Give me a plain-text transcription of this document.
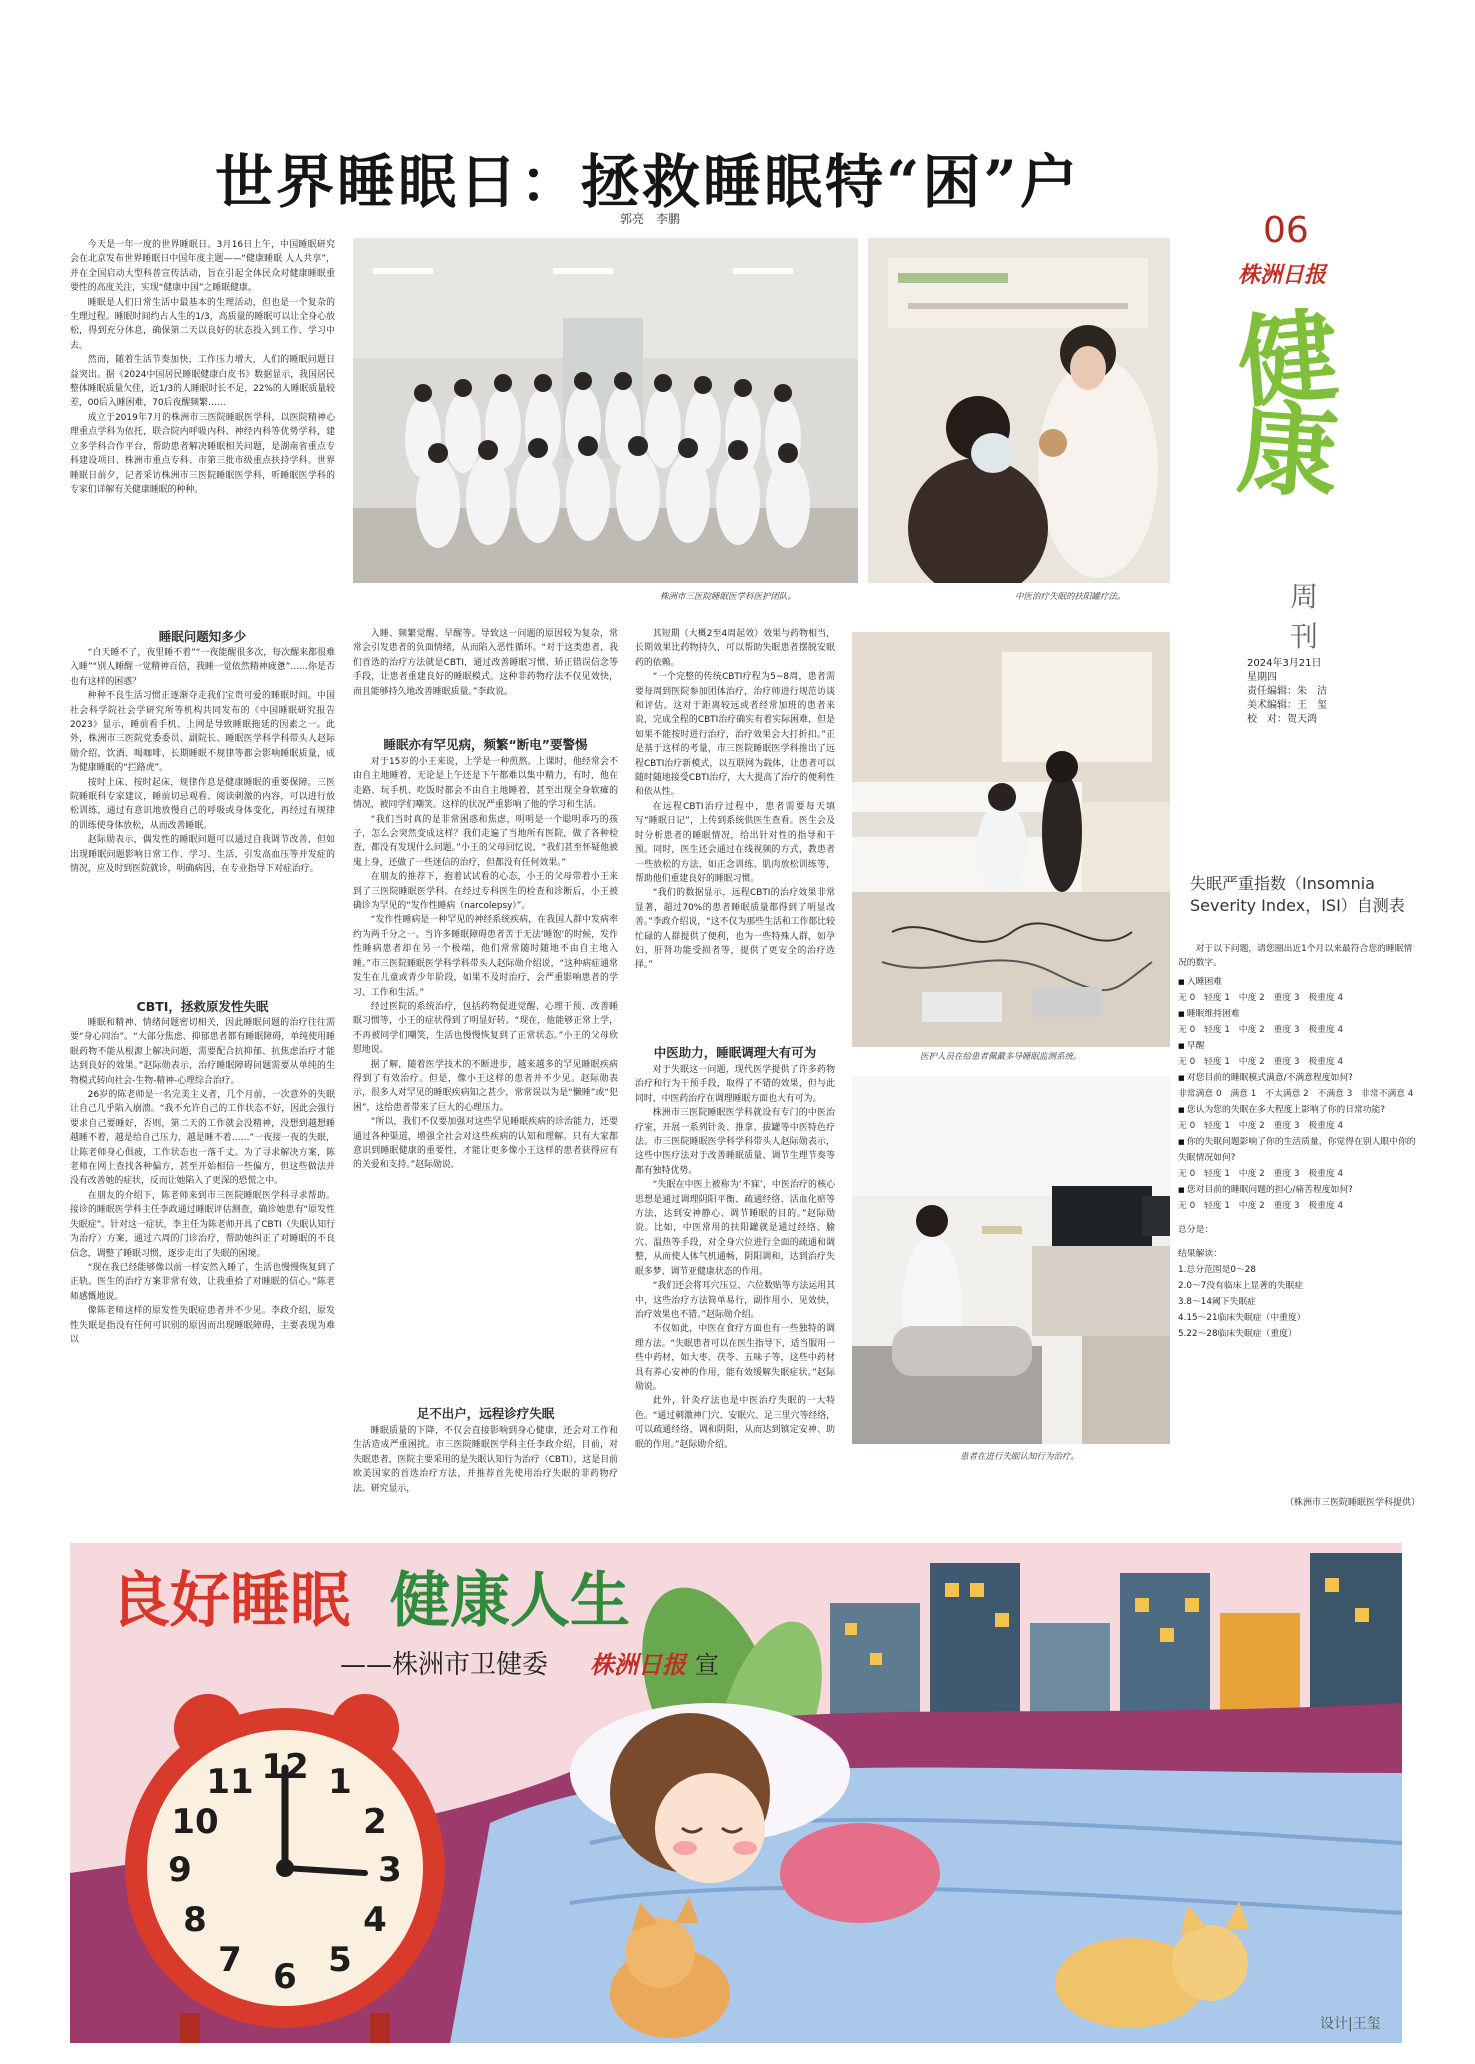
世界睡眠日：拯救睡眠特“困”户
郭亮　李鹏	06
株洲日报
健
康
周
刊
2024年3月21日
星期四
责任编辑：朱　洁
美术编辑：王　玺
校　对：贺天鸿

今天是一年一度的世界睡眠日。3月16日上午，中国睡眠研究会在北京发布世界睡眠日中国年度主题——“健康睡眠 人人共享”，并在全国启动大型科普宣传活动，旨在引起全体民众对健康睡眠重要性的高度关注，实现“健康中国”之睡眠健康。

睡眠是人们日常生活中最基本的生理活动，但也是一个复杂的生理过程。睡眠时间约占人生的1/3，高质量的睡眠可以让全身心放松，得到充分休息，确保第二天以良好的状态投入到工作、学习中去。

然而，随着生活节奏加快，工作压力增大，人们的睡眠问题日益突出。据《2024中国居民睡眠健康白皮书》数据显示，我国居民整体睡眠质量欠佳，近1/3的人睡眠时长不足，22%的人睡眠质量较差，00后入睡困难，70后夜醒频繁……

成立于2019年7月的株洲市三医院睡眠医学科，以医院精神心理重点学科为依托，联合院内呼吸内科、神经内科等优势学科，建立多学科合作平台，帮助患者解决睡眠相关问题，是湖南省重点专科建设项目、株洲市重点专科、市第三批市级重点扶持学科。世界睡眠日前夕，记者采访株洲市三医院睡眠医学科，听睡眠医学科的专家们详解有关健康睡眠的种种。

株洲市三医院睡眠医学科医护团队。	中医治疗失眠的扶阳罐疗法。
睡眠问题知多少

“白天睡不了，夜里睡不着”“一夜能醒很多次，每次醒来都很难入睡”“别人睡醒一觉精神百倍，我睡一觉依然精神疲惫”……你是否也有这样的困惑？

种种不良生活习惯正逐渐夺走我们宝贵可爱的睡眠时间。中国社会科学院社会学研究所等机构共同发布的《中国睡眠研究报告2023》显示，睡前看手机、上网是导致睡眠拖延的因素之一。此外，株洲市三医院党委委员、副院长、睡眠医学科学科带头人赵际勋介绍，饮酒、喝咖啡、长期睡眠不规律等都会影响睡眠质量，成为健康睡眠的“拦路虎”。

按时上床、按时起床，规律作息是健康睡眠的重要保障。三医院睡眠科专家建议，睡前切忌观看、阅读刺激的内容，可以进行放松训练，通过有意识地放慢自己的呼吸或身体变化，再经过有规律的训练使身体放松，从而改善睡眠。

赵际勋表示，偶发性的睡眠问题可以通过自我调节改善，但如出现睡眠问题影响日常工作、学习、生活，引发高血压等并发症的情况，应及时到医院就诊，明确病因，在专业指导下对症治疗。

CBTI，拯救原发性失眠

睡眠和精神、情绪问题密切相关，因此睡眠问题的治疗往往需要“身心同治”。“大部分焦虑、抑郁患者都有睡眠障碍，单纯使用睡眠药物不能从根源上解决问题，需要配合抗抑郁、抗焦虑治疗才能达到良好的效果。”赵际勋表示，治疗睡眠障碍问题需要从单纯的生物模式转向社会-生物-精神-心理综合治疗。

26岁的陈老师是一名完美主义者，几个月前，一次意外的失眠让自己几乎陷入崩溃。“我不允许自己的工作状态不好，因此会强行要求自己要睡好，否则，第二天的工作就会没精神，没想到越想睡越睡不着，越是给自己压力，越是睡不着……”一夜接一夜的失眠，让陈老师身心俱疲，工作状态也一落千丈。为了寻求解决方案，陈老师在网上查找各种偏方，甚至开始相信一些偏方，但这些做法并没有改善她的症状，反而让她陷入了更深的恐慌之中。

在朋友的介绍下，陈老师来到市三医院睡眠医学科寻求帮助。接诊的睡眠医学科主任李政通过睡眠评估测查，确诊她患有“原发性失眠症”。针对这一症状，李主任为陈老师开具了CBTI（失眠认知行为治疗）方案，通过六周的门诊治疗，帮助她纠正了对睡眠的不良信念，调整了睡眠习惯，逐步走出了失眠的困境。

“现在我已经能够像以前一样安然入睡了，生活也慢慢恢复到了正轨。医生的治疗方案非常有效，让我重拾了对睡眠的信心。”陈老师感慨地说。

像陈老师这样的原发性失眠症患者并不少见。李政介绍，原发性失眠是指没有任何可识别的原因而出现睡眠障碍，主要表现为难以

入睡、频繁觉醒、早醒等。导致这一问题的原因较为复杂，常常会引发患者的负面情绪，从而陷入恶性循环。“对于这类患者，我们首选的治疗方法就是CBTI，通过改善睡眠习惯、矫正错误信念等手段，让患者重建良好的睡眠模式。这种非药物疗法不仅见效快，而且能够持久地改善睡眠质量。”李政说。

睡眠亦有罕见病，频繁“断电”要警惕

对于15岁的小王来说，上学是一种煎熬。上课时，他经常会不由自主地睡着，无论是上午还是下午都难以集中精力，有时，他在走路、玩手机、吃饭时都会不由自主地睡着，甚至出现全身软瘫的情况，被同学们嘲笑。这样的状况严重影响了他的学习和生活。

“我们当时真的是非常困惑和焦虑，明明是一个聪明乖巧的孩子，怎么会突然变成这样？我们走遍了当地所有医院，做了各种检查，都没有发现什么问题。”小王的父母回忆说，“我们甚至怀疑他被鬼上身，还做了一些迷信的治疗，但都没有任何效果。”

在朋友的推荐下，抱着试试看的心态，小王的父母带着小王来到了三医院睡眠医学科。在经过专科医生的检查和诊断后，小王被确诊为罕见的“发作性睡病（narcolepsy）”。

“发作性睡病是一种罕见的神经系统疾病，在我国人群中发病率约为两千分之一。当许多睡眠障碍患者苦于无法‘睡饱’的时候，发作性睡病患者却在另一个极端，他们常常随时随地不由自主地入睡。”市三医院睡眠医学科学科带头人赵际勋介绍说，“这种病症通常发生在儿童或青少年阶段，如果不及时治疗，会严重影响患者的学习、工作和生活。”

经过医院的系统治疗，包括药物促进觉醒、心理干预、改善睡眠习惯等，小王的症状得到了明显好转。“现在，他能够正常上学，不再被同学们嘲笑，生活也慢慢恢复到了正常状态。”小王的父母欣慰地说。

据了解，随着医学技术的不断进步，越来越多的罕见睡眠疾病得到了有效治疗。但是，像小王这样的患者并不少见。赵际勋表示，很多人对罕见的睡眠疾病知之甚少，常常误以为是“懒睡”或“犯困”，这给患者带来了巨大的心理压力。

“所以，我们不仅要加强对这些罕见睡眠疾病的诊治能力，还要通过各种渠道，增强全社会对这些疾病的认知和理解。只有大家都意识到睡眠健康的重要性，才能让更多像小王这样的患者获得应有的关爱和支持。”赵际勋说。

足不出户，远程诊疗失眠

睡眠质量的下降，不仅会直接影响到身心健康，还会对工作和生活造成严重困扰。市三医院睡眠医学科主任李政介绍，目前，对失眠患者，医院主要采用的是失眠认知行为治疗（CBTI），这是目前欧美国家的首选治疗方法，并推荐首先使用治疗失眠的非药物疗法。研究显示，

其短期（大概2至4周起效）效果与药物相当，长期效果比药物持久，可以帮助失眠患者摆脱安眠药的依赖。

“一个完整的传统CBTI疗程为5~8周，患者需要每周到医院参加团体治疗，治疗师进行规范访谈和评估。这对于距离较远或者经常加班的患者来说，完成全程的CBTI治疗确实有着实际困难，但是如果不能按时进行治疗，治疗效果会大打折扣。”正是基于这样的考量，市三医院睡眠医学科推出了远程CBTI治疗新模式，以互联网为载体，让患者可以随时随地接受CBTI治疗，大大提高了治疗的便利性和依从性。

在远程CBTI治疗过程中，患者需要每天填写“睡眠日记”，上传到系统供医生查看。医生会及时分析患者的睡眠情况，给出针对性的指导和干预。同时，医生还会通过在线视频的方式，教患者一些放松的方法，如正念训练、肌肉放松训练等，帮助他们重建良好的睡眠习惯。

“我们的数据显示，远程CBTI的治疗效果非常显著，超过70%的患者睡眠质量都得到了明显改善。”李政介绍说，“这不仅为那些生活和工作都比较忙碌的人群提供了便利，也为一些特殊人群，如孕妇、肝肾功能受损者等，提供了更安全的治疗选择。”

中医助力，睡眠调理大有可为

对于失眠这一问题，现代医学提供了许多药物治疗和行为干预手段，取得了不错的效果，但与此同时，中医药治疗在调理睡眠方面也大有可为。

株洲市三医院睡眠医学科就设有专门的中医治疗室，开展一系列针灸、推拿、拔罐等中医特色疗法。市三医院睡眠医学科学科带头人赵际勋表示，这些中医疗法对于改善睡眠质量、调节生理节奏等都有独特优势。

“失眠在中医上被称为‘不寐’，中医治疗的核心思想是通过调理阴阳平衡、疏通经络、活血化瘀等方法，达到安神静心、调节睡眠的目的。”赵际勋说。比如，中医常用的扶阳罐就是通过经络、腧穴、温热等手段，对全身穴位进行全面的疏通和调整，从而使人体气机通畅，阴阳调和，达到治疗失眠多梦、调节亚健康状态的作用。

“我们还会将耳穴压豆、六位数贴等方法运用其中，这些治疗方法简单易行，副作用小、见效快，治疗效果也不错。”赵际勋介绍。

不仅如此，中医在食疗方面也有一些独特的调理方法。“失眠患者可以在医生指导下，适当服用一些中药材，如大枣、茯苓、五味子等，这些中药材具有养心安神的作用，能有效缓解失眠症状。”赵际勋说。

此外，针灸疗法也是中医治疗失眠的一大特色。“通过刺激神门穴、安眠穴、足三里穴等经络，可以疏通经络，调和阴阳，从而达到镇定安神、助眠的作用。”赵际勋介绍。

医护人员在给患者佩戴多导睡眠监测系统。
患者在进行失眠认知行为治疗。
失眠严重指数（Insomnia Severity Index，ISI）自测表
对于以下问题，请您圈出近1个月以来最符合您的睡眠情况的数字。
■ 入睡困难
无 0　轻度 1　中度 2　重度 3　极重度 4
■ 睡眠维持困难
无 0　轻度 1　中度 2　重度 3　极重度 4
■ 早醒
无 0　轻度 1　中度 2　重度 3　极重度 4
■ 对您目前的睡眠模式满意/不满意程度如何?
非常满意 0　满意 1　不太满意 2　不满意 3　非常不满意 4
■ 您认为您的失眠在多大程度上影响了你的日常功能?
无 0　轻度 1　中度 2　重度 3　极重度 4
■ 你的失眠问题影响了你的生活质量，你觉得在别人眼中你的失眠情况如何?
无 0　轻度 1　中度 2　重度 3　极重度 4
■ 您对目前的睡眠问题的担心/痛苦程度如何?
无 0　轻度 1　中度 2　重度 3　极重度 4
总分是：
结果解读：
1.总分范围是0～28
2.0～7没有临床上显著的失眠症
3.8～14阈下失眠症
4.15～21临床失眠症（中重度）
5.22～28临床失眠症（重度）
（株洲市三医院睡眠医学科提供）
12 1
2
3
4
5
6
7
8
9
10
11
良好睡眠 健康人生
——株洲市卫健委 株洲日报 宣
设计|王玺
